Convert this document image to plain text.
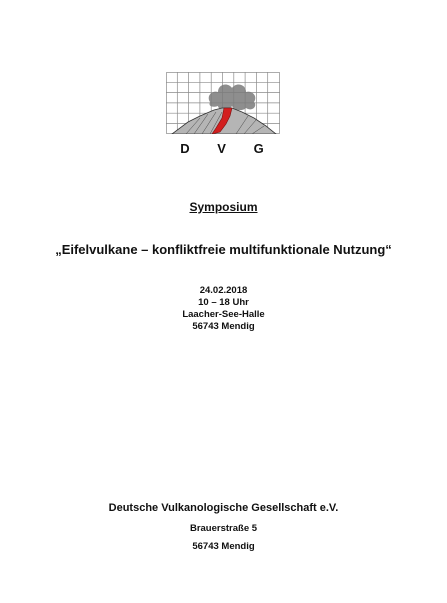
D V G
Symposium
„Eifelvulkane – konfliktfreie multifunktionale Nutzung“
24.02.2018
10 – 18 Uhr
Laacher-See-Halle
56743 Mendig
Deutsche Vulkanologische Gesellschaft e.V.
Brauerstraße 5
56743 Mendig
